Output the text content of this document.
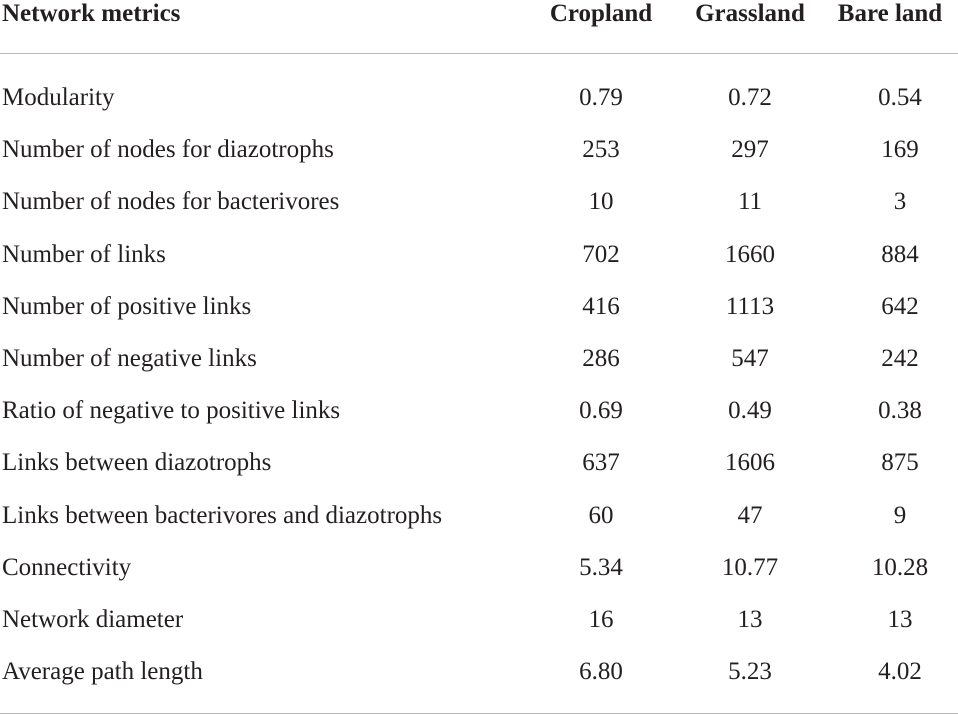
Network metrics	Cropland	Grassland	Bare land
Modularity	0.79	0.72	0.54
Number of nodes for diazotrophs	253	297	169
Number of nodes for bacterivores	10	11	3
Number of links	702	1660	884
Number of positive links	416	1113	642
Number of negative links	286	547	242
Ratio of negative to positive links	0.69	0.49	0.38
Links between diazotrophs	637	1606	875
Links between bacterivores and diazotrophs	60	47	9
Connectivity	5.34	10.77	10.28
Network diameter	16	13	13
Average path length	6.80	5.23	4.02
